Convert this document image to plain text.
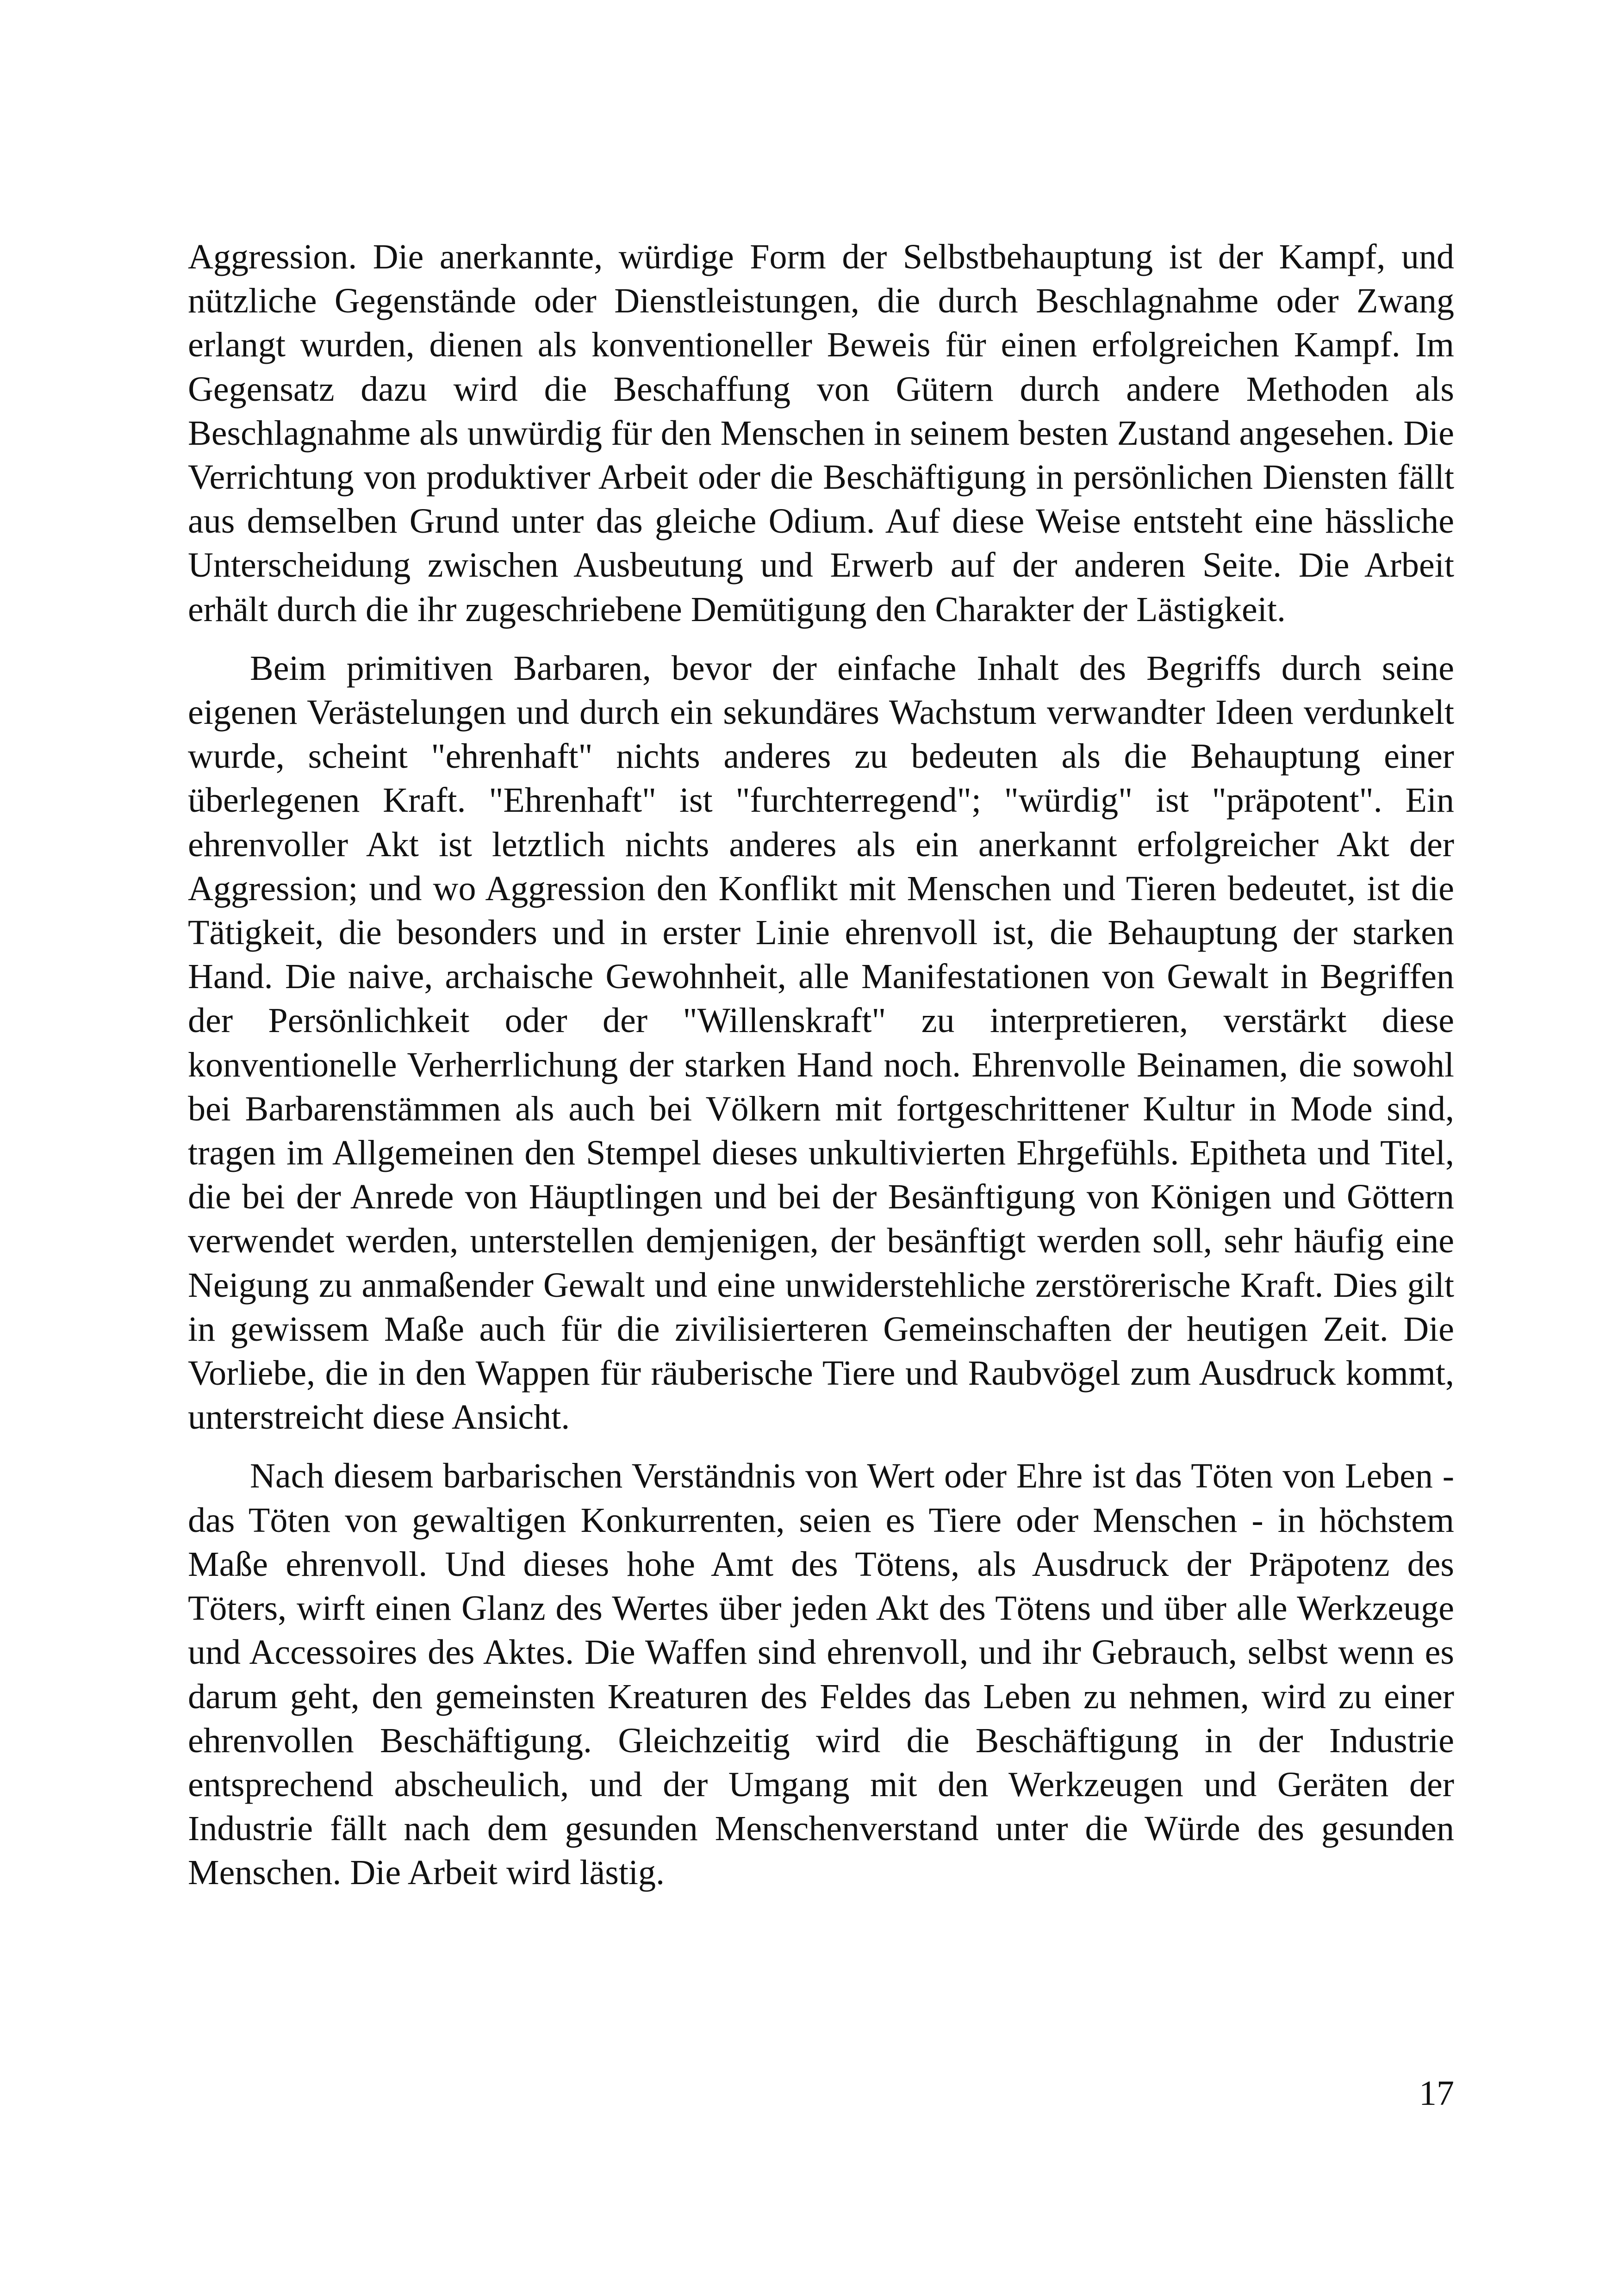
Aggression. Die anerkannte, würdige Form der Selbstbehauptung ist der Kampf, und nützliche Gegenstände oder Dienstleistungen, die durch Beschlagnahme oder Zwang erlangt wurden, dienen als konventioneller Beweis für einen erfolgreichen Kampf. Im Gegensatz dazu wird die Beschaffung von Gütern durch andere Methoden als Beschlagnahme als unwürdig für den Menschen in seinem besten Zustand angesehen. Die Verrichtung von produktiver Arbeit oder die Beschäftigung in persönlichen Diensten fällt aus demselben Grund unter das gleiche Odium. Auf diese Weise entsteht eine hässliche Unterscheidung zwischen Ausbeutung und Erwerb auf der anderen Seite. Die Arbeit erhält durch die ihr zugeschriebene Demütigung den Charakter der Lästigkeit.

Beim primitiven Barbaren, bevor der einfache Inhalt des Begriffs durch seine eigenen Verästelungen und durch ein sekundäres Wachstum verwandter Ideen verdunkelt wurde, scheint "ehrenhaft" nichts anderes zu bedeuten als die Behauptung einer überlegenen Kraft. "Ehrenhaft" ist "furchterregend"; "würdig" ist "präpotent". Ein ehrenvoller Akt ist letztlich nichts anderes als ein anerkannt erfolgreicher Akt der Aggression; und wo Aggression den Konflikt mit Menschen und Tieren bedeutet, ist die Tätigkeit, die besonders und in erster Linie ehrenvoll ist, die Behauptung der starken Hand. Die naive, archaische Gewohnheit, alle Manifestationen von Gewalt in Begriffen der Persönlichkeit oder der "Willenskraft" zu interpretieren, verstärkt diese konventionelle Verherrlichung der starken Hand noch. Ehrenvolle Beinamen, die sowohl bei Barbarenstämmen als auch bei Völkern mit fortgeschrittener Kultur in Mode sind, tragen im Allgemeinen den Stempel dieses unkultivierten Ehrgefühls. Epitheta und Titel, die bei der Anrede von Häuptlingen und bei der Besänftigung von Königen und Göttern verwendet werden, unterstellen demjenigen, der besänftigt werden soll, sehr häufig eine Neigung zu anmaßender Gewalt und eine unwiderstehliche zerstörerische Kraft. Dies gilt in gewissem Maße auch für die zivilisierteren Gemeinschaften der heutigen Zeit. Die Vorliebe, die in den Wappen für räuberische Tiere und Raubvögel zum Ausdruck kommt, unterstreicht diese Ansicht.

Nach diesem barbarischen Verständnis von Wert oder Ehre ist das Töten von Leben - das Töten von gewaltigen Konkurrenten, seien es Tiere oder Menschen - in höchstem Maße ehrenvoll. Und dieses hohe Amt des Tötens, als Ausdruck der Präpotenz des Töters, wirft einen Glanz des Wertes über jeden Akt des Tötens und über alle Werkzeuge und Accessoires des Aktes. Die Waffen sind ehrenvoll, und ihr Gebrauch, selbst wenn es darum geht, den gemeinsten Kreaturen des Feldes das Leben zu nehmen, wird zu einer ehrenvollen Beschäftigung. Gleichzeitig wird die Beschäftigung in der Industrie entsprechend abscheulich, und der Umgang mit den Werkzeugen und Geräten der Industrie fällt nach dem gesunden Menschenverstand unter die Würde des gesunden Menschen. Die Arbeit wird lästig.

17
